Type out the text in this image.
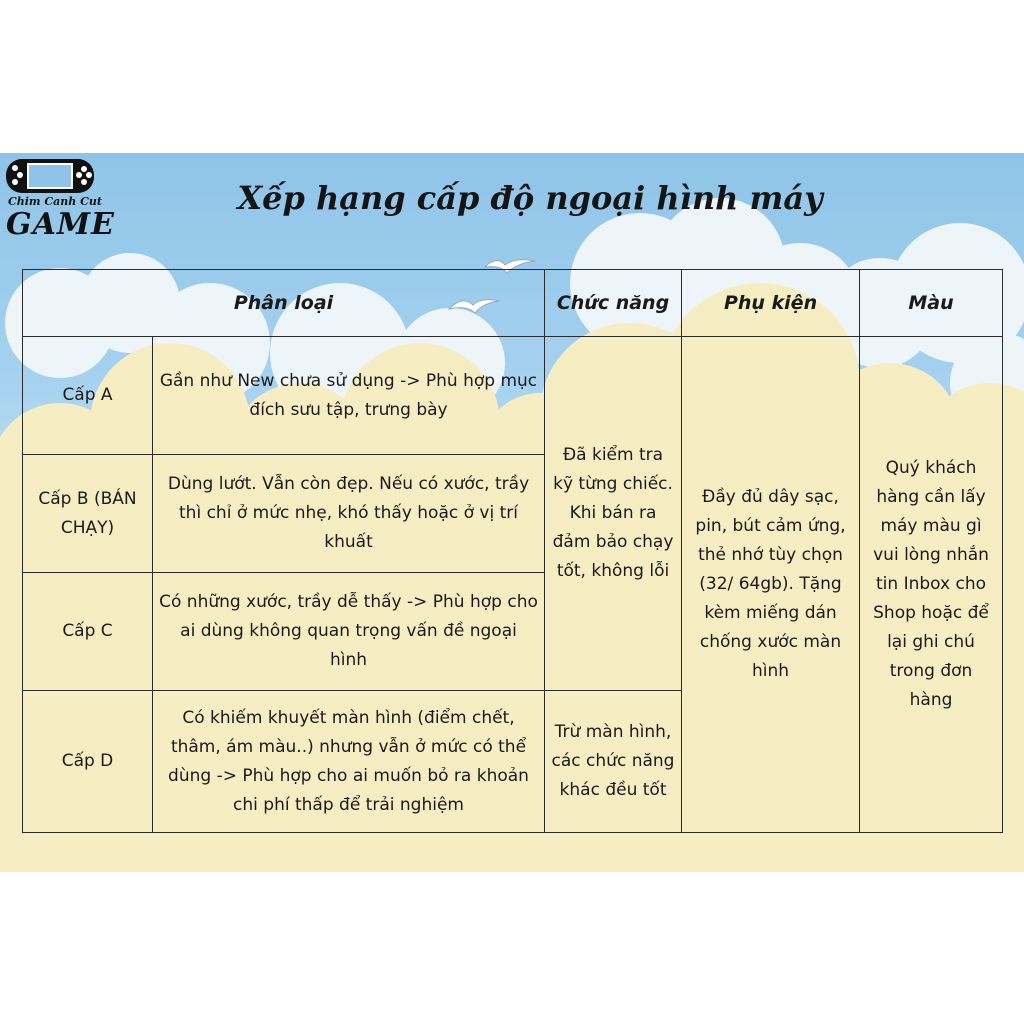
Chim Canh Cut
GAME
Xếp hạng cấp độ ngoại hình máy
Phân loại		Chức năng	Phụ kiện	Màu
Cấp A	Gần như New chưa sử dụng -> Phù hợp mục đích sưu tập, trưng bày	Đã kiểm tra kỹ từng chiếc. Khi bán ra đảm bảo chạy tốt, không lỗi	Đầy đủ dây sạc, pin, bút cảm ứng, thẻ nhớ tùy chọn (32/ 64gb). Tặng kèm miếng dán chống xước màn hình	Quý khách hàng cần lấy máy màu gì vui lòng nhắn tin Inbox cho Shop hoặc để lại ghi chú trong đơn hàng
Cấp B (BÁN CHẠY)	Dùng lướt. Vẫn còn đẹp. Nếu có xước, trầy thì chỉ ở mức nhẹ, khó thấy hoặc ở vị trí khuất			
Cấp C	Có những xước, trầy dễ thấy -> Phù hợp cho ai dùng không quan trọng vấn đề ngoại hình			
Cấp D	Có khiếm khuyết màn hình (điểm chết, thâm, ám màu..) nhưng vẫn ở mức có thể dùng -> Phù hợp cho ai muốn bỏ ra khoản chi phí thấp để trải nghiệm	Trừ màn hình, các chức năng khác đều tốt		
